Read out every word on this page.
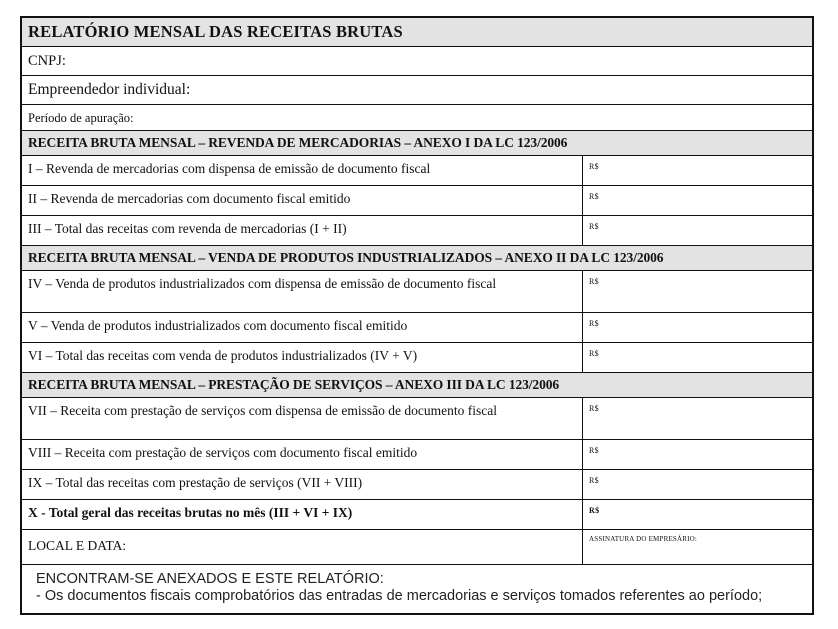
RELATÓRIO MENSAL DAS RECEITAS BRUTAS
CNPJ:
Empreendedor individual:
Período de apuração:
RECEITA BRUTA MENSAL – REVENDA DE MERCADORIAS – ANEXO I DA LC 123/2006
I – Revenda de mercadorias com dispensa de emissão de documento fiscal	R$
II – Revenda de mercadorias com documento fiscal emitido	R$
III – Total das receitas com revenda de mercadorias (I + II)	R$
RECEITA BRUTA MENSAL – VENDA DE PRODUTOS INDUSTRIALIZADOS – ANEXO II DA LC 123/2006
IV – Venda de produtos industrializados com dispensa de emissão de documento fiscal	R$
V – Venda de produtos industrializados com documento fiscal emitido	R$
VI – Total das receitas com venda de produtos industrializados (IV + V)	R$
RECEITA BRUTA MENSAL – PRESTAÇÃO DE SERVIÇOS – ANEXO III DA LC 123/2006
VII – Receita com prestação de serviços com dispensa de emissão de documento fiscal	R$
VIII – Receita com prestação de serviços com documento fiscal emitido	R$
IX – Total das receitas com prestação de serviços (VII + VIII)	R$
X - Total geral das receitas brutas no mês (III + VI + IX)	R$
LOCAL E DATA:	ASSINATURA DO EMPRESÁRIO:
ENCONTRAM-SE ANEXADOS E ESTE RELATÓRIO:
- Os documentos fiscais comprobatórios das entradas de mercadorias e serviços tomados referentes ao período;
